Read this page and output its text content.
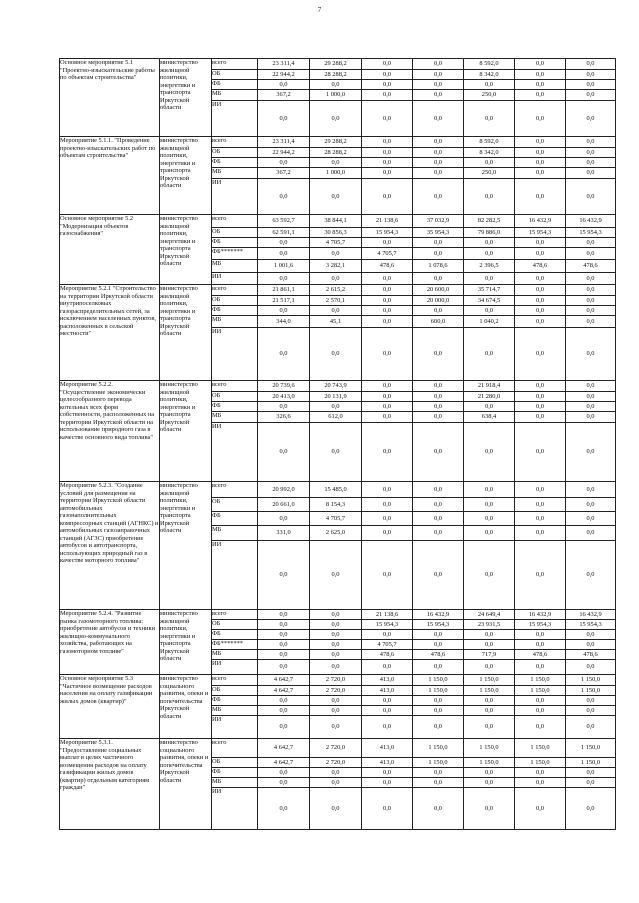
7
Основное мероприятие 5.1 "Проектно-изыскательские работы по объектам строительства"	министерство жилищной политики, энергетики и транспорта Иркутской области	всего	23 311,4	29 288,2	0,0	0,0	8 592,0	0,0	0,0
		ОБ	22 944,2	28 288,2	0,0	0,0	8 342,0	0,0	0,0
		ФБ	0,0	0,0	0,0	0,0	0,0	0,0	0,0
		МБ	367,2	1 000,0	0,0	0,0	250,0	0,0	0,0
		ИИ	0,0	0,0	0,0	0,0	0,0	0,0	0,0
Мероприятие 5.1.1. "Проведение проектно-изыскательских работ по объектам строительства"	министерство жилищной политики, энергетики и транспорта Иркутской области	всего	23 311,4	29 288,2	0,0	0,0	8 592,0	0,0	0,0
		ОБ	22 944,2	28 288,2	0,0	0,0	8 342,0	0,0	0,0
		ФБ	0,0	0,0	0,0	0,0	0,0	0,0	0,0
		МБ	367,2	1 000,0	0,0	0,0	250,0	0,0	0,0
		ИИ	0,0	0,0	0,0	0,0	0,0	0,0	0,0
Основное мероприятие 5.2 "Модернизация объектов газоснабжения"	министерство жилищной политики, энергетики и транспорта Иркутской области	всего	63 592,7	38 844,1	21 138,6	37 032,9	82 282,5	16 432,9	16 432,9
		ОБ	62 591,1	30 856,3	15 954,3	35 954,3	79 886,0	15 954,3	15 954,3
		ФБ	0,0	4 705,7	0,0	0,0	0,0	0,0	0,0
		ФБ*******	0,0	0,0	4 705,7	0,0	0,0	0,0	0,0
		МБ	1 001,6	3 282,1	478,6	1 078,6	2 396,5	478,6	478,6
		ИИ	0,0	0,0	0,0	0,0	0,0	0,0	0,0
Мероприятие 5.2.1 "Строительство на территории Иркутской области внутрипоселковых газораспределительных сетей, за исключением населенных пунктов, расположенных в сельской местности"	министерство жилищной политики, энергетики и транспорта Иркутской области	всего	21 861,1	2 615,2	0,0	20 600,0	35 714,7	0,0	0,0
		ОБ	21 517,1	2 570,1	0,0	20 000,0	34 674,5	0,0	0,0
		ФБ	0,0	0,0	0,0	0,0	0,0	0,0	0,0
		МБ	344,0	45,1	0,0	600,0	1 040,2	0,0	0,0
		ИИ	0,0	0,0	0,0	0,0	0,0	0,0	0,0
Мероприятие 5.2.2. "Осуществление экономически целесообразного перевода котельных всех форм собственности, расположенных на территории Иркутской области на использование природного газа в качестве основного вида топлива"	министерство жилищной политики, энергетики и транспорта Иркутской области	всего	20 739,6	20 743,9	0,0	0,0	21 918,4	0,0	0,0
		ОБ	20 413,0	20 131,9	0,0	0,0	21 280,0	0,0	0,0
		ФБ	0,0	0,0	0,0	0,0	0,0	0,0	0,0
		МБ	326,6	612,0	0,0	0,0	638,4	0,0	0,0
		ИИ	0,0	0,0	0,0	0,0	0,0	0,0	0,0
Мероприятие 5.2.3. "Создание условий для размещения на территории Иркутской области автомобильных газонаполнительных компрессорных станций (АГНКС) и автомобильных газозаправочных станций (АГЗС) приобретение автобусов и автотранспорта, использующих природный газ в качестве моторного топлива"	министерство жилищной политики, энергетики и транспорта Иркутской области	всего	20 992,0	15 485,0	0,0	0,0	0,0	0,0	0,0
		ОБ	20 661,0	8 154,3	0,0	0,0	0,0	0,0	0,0
		ФБ	0,0	4 705,7	0,0	0,0	0,0	0,0	0,0
		МБ	331,0	2 625,0	0,0	0,0	0,0	0,0	0,0
		ИИ	0,0	0,0	0,0	0,0	0,0	0,0	0,0
Мероприятие 5.2.4. "Развитие рынка газомоторного топлива: приобретение автобусов и техники жилищно-коммунального хозяйства, работающих на газомоторном топливе"	министерство жилищной политики, энергетики и транспорта Иркутской области	всего	0,0	0,0	21 138,6	16 432,9	24 649,4	16 432,9	16 432,9
		ОБ	0,0	0,0	15 954,3	15 954,3	23 931,5	15 954,3	15 954,3
		ФБ	0,0	0,0	0,0	0,0	0,0	0,0	0,0
		ФБ*******	0,0	0,0	4 705,7	0,0	0,0	0,0	0,0
		МБ	0,0	0,0	478,6	478,6	717,9	478,6	478,6
		ИИ	0,0	0,0	0,0	0,0	0,0	0,0	0,0
Основное мероприятие 5.3 "Частичное возмещение расходов населения на оплату газификации жилых домов (квартир)"	министерство социального развития, опеки и попечительства Иркутской области	всего	4 642,7	2 720,0	413,0	1 150,0	1 150,0	1 150,0	1 150,0
		ОБ	4 642,7	2 720,0	413,0	1 150,0	1 150,0	1 150,0	1 150,0
		ФБ	0,0	0,0	0,0	0,0	0,0	0,0	0,0
		МБ	0,0	0,0	0,0	0,0	0,0	0,0	0,0
		ИИ	0,0	0,0	0,0	0,0	0,0	0,0	0,0
Мероприятие 5.3.1. "Предоставление социальных выплат в целях частичного возмещения расходов на оплату газификации жилых домов (квартир) отдельным категориям граждан"	министерство социального развития, опеки и попечительства Иркутской области	всего	4 642,7	2 720,0	413,0	1 150,0	1 150,0	1 150,0	1 150,0
		ОБ	4 642,7	2 720,0	413,0	1 150,0	1 150,0	1 150,0	1 150,0
		ФБ	0,0	0,0	0,0	0,0	0,0	0,0	0,0
		МБ	0,0	0,0	0,0	0,0	0,0	0,0	0,0
		ИИ	0,0	0,0	0,0	0,0	0,0	0,0	0,0
